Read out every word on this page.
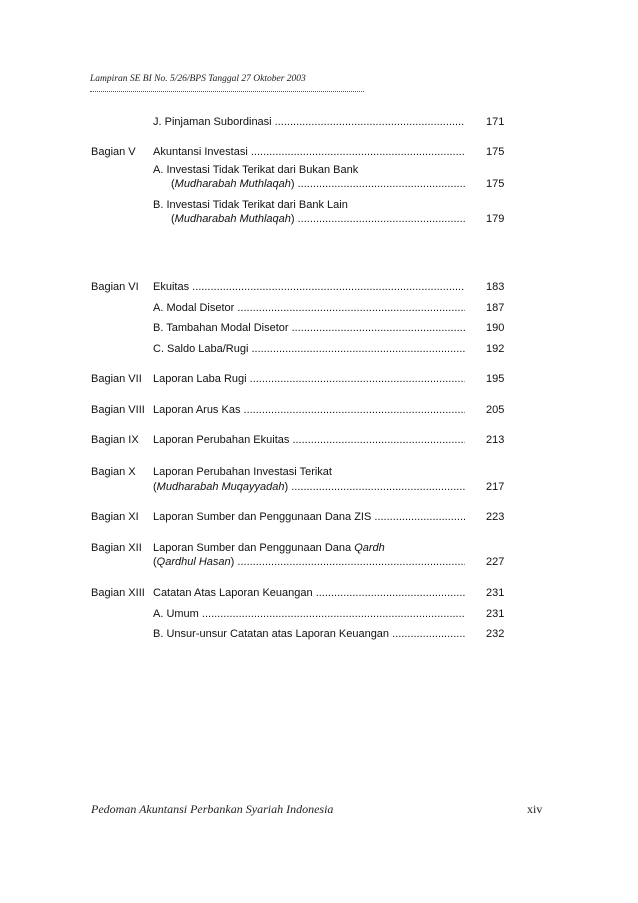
Lampiran SE BI No. 5/26/BPS Tanggal 27 Oktober 2003
J. Pinjaman Subordinasi .....	171
Bagian V	Akuntansi Investasi .....	175
A. Investasi Tidak Terikat dari Bukan Bank
(Mudharabah Muthlaqah) .....	175
B. Investasi Tidak Terikat dari Bank Lain
(Mudharabah Muthlaqah) .....	179
Bagian VI	Ekuitas .....	183
A. Modal Disetor .....	187
B. Tambahan Modal Disetor .....	190
C. Saldo Laba/Rugi .....	192
Bagian VII	Laporan Laba Rugi .....	195
Bagian VIII Laporan Arus Kas .....	205
Bagian IX	Laporan Perubahan Ekuitas .....	213
Bagian X	Laporan Perubahan Investasi Terikat
(Mudharabah Muqayyadah) .....	217
Bagian XI	Laporan Sumber dan Penggunaan Dana ZIS .....	223
Bagian XII	Laporan Sumber dan Penggunaan Dana Qardh
(Qardhul Hasan) .....	227
Bagian XIII Catatan Atas Laporan Keuangan .....	231
A. Umum .....	231
B. Unsur-unsur Catatan atas Laporan Keuangan .....	232
Pedoman Akuntansi Perbankan Syariah Indonesia	xiv
